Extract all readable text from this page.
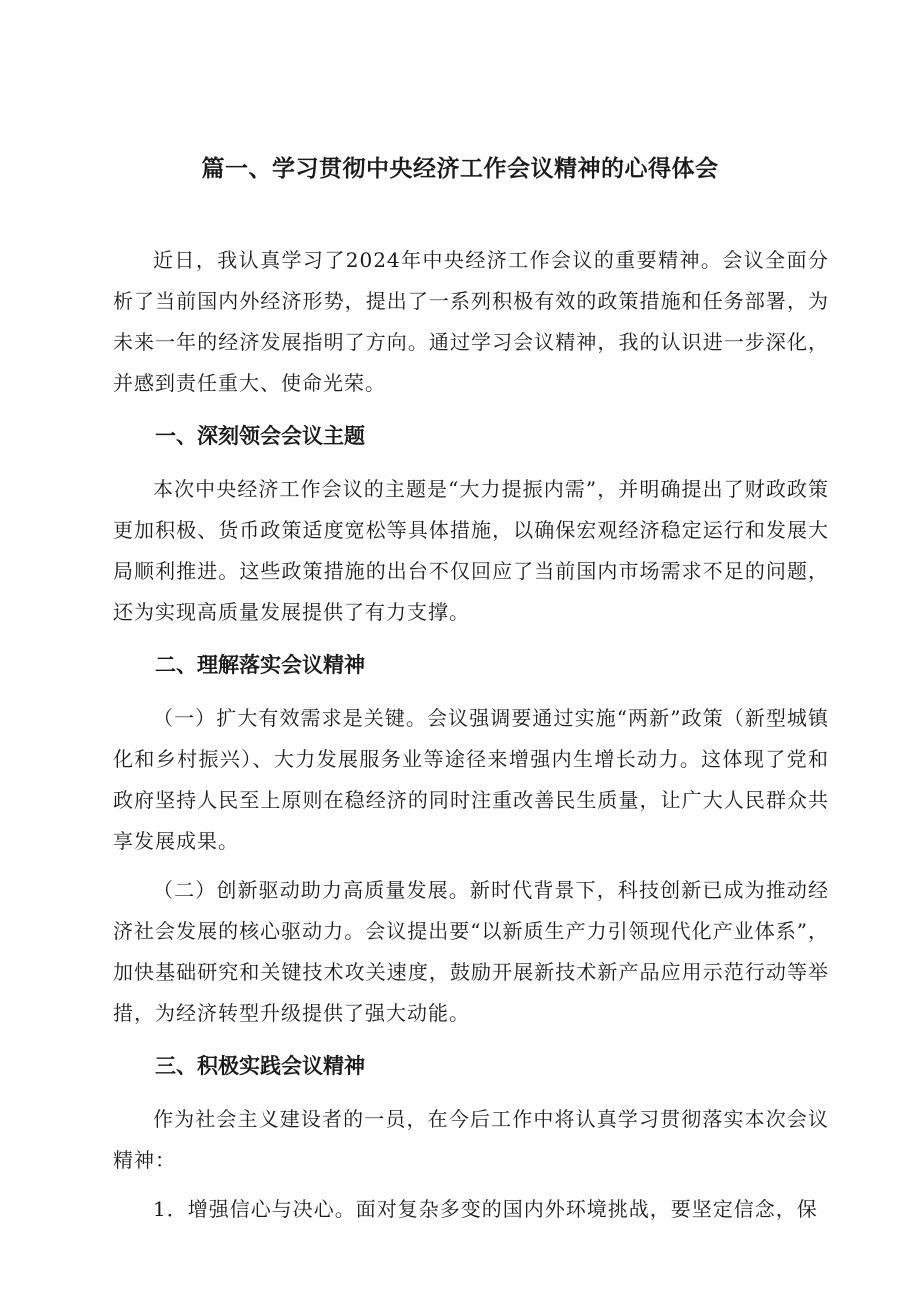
篇一、学习贯彻中央经济工作会议精神的心得体会

近日，我认真学习了2024年中央经济工作会议的重要精神。会议全面分析了当前国内外经济形势，提出了一系列积极有效的政策措施和任务部署，为未来一年的经济发展指明了方向。通过学习会议精神，我的认识进一步深化，并感到责任重大、使命光荣。

一、深刻领会会议主题

本次中央经济工作会议的主题是“大力提振内需”，并明确提出了财政政策更加积极、货币政策适度宽松等具体措施，以确保宏观经济稳定运行和发展大局顺利推进。这些政策措施的出台不仅回应了当前国内市场需求不足的问题，还为实现高质量发展提供了有力支撑。

二、理解落实会议精神

（一）扩大有效需求是关键。会议强调要通过实施“两新”政策（新型城镇化和乡村振兴）、大力发展服务业等途径来增强内生增长动力。这体现了党和政府坚持人民至上原则在稳经济的同时注重改善民生质量，让广大人民群众共享发展成果。

（二）创新驱动助力高质量发展。新时代背景下，科技创新已成为推动经济社会发展的核心驱动力。会议提出要“以新质生产力引领现代化产业体系”，加快基础研究和关键技术攻关速度，鼓励开展新技术新产品应用示范行动等举措，为经济转型升级提供了强大动能。

三、积极实践会议精神

作为社会主义建设者的一员，在今后工作中将认真学习贯彻落实本次会议精神：

1．增强信心与决心。面对复杂多变的国内外环境挑战，要坚定信念，保
